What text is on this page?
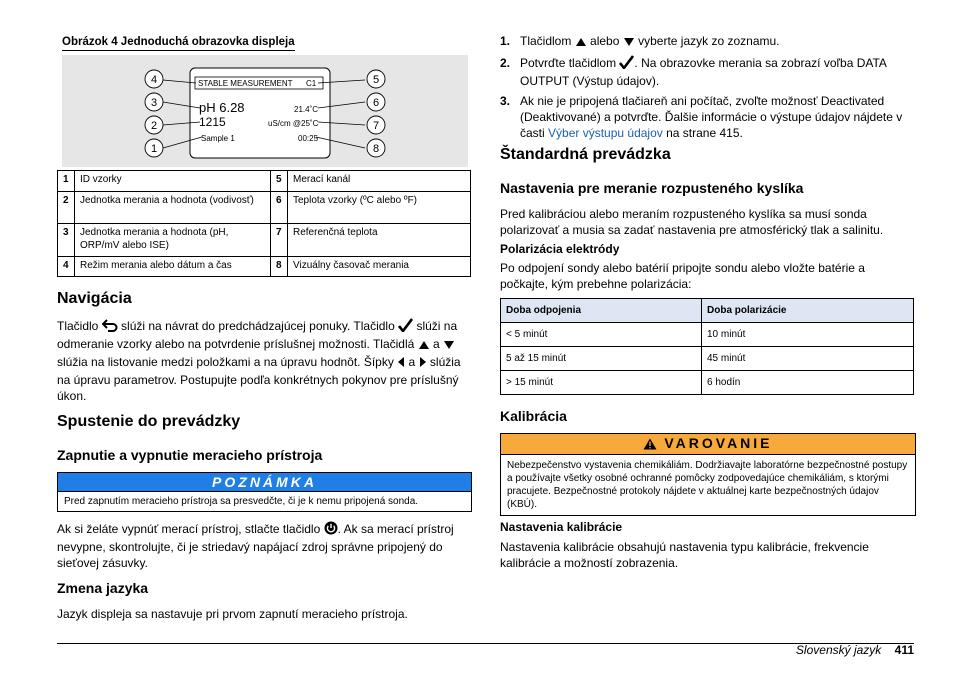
Obrázok 4 Jednoduchá obrazovka displeja
STABLE MEASUREMENT C1
pH 6.28	21.4˚C
1215	uS/cm @25˚C
Sample 1	00:25
4
3
2
1
5
6
7
8
1	ID vzorky	5	Merací kanál
2	Jednotka merania a hodnota (vodivosť)	6	Teplota vzorky (ºC alebo ºF)
3	Jednotka merania a hodnota (pH, ORP/mV alebo ISE)	7	Referenčná teplota
4	Režim merania alebo dátum a čas	8	Vizuálny časovač merania
Navigácia

Tlačidlo slúži na návrat do predchádzajúcej ponuky. Tlačidlo slúži na odmeranie vzorky alebo na potvrdenie príslušnej možnosti. Tlačidlá a  slúžia na listovanie medzi položkami a na úpravu hodnôt. Šípky a slúžia na úpravu parametrov. Postupujte podľa konkrétnych pokynov pre príslušný úkon.

Spustenie do prevádzky
Zapnutie a vypnutie meracieho prístroja
POZNÁMKA
Pred zapnutím meracieho prístroja sa presvedčte, či je k nemu pripojená sonda.

Ak si želáte vypnúť merací prístroj, stlačte tlačidlo . Ak sa merací prístroj nevypne, skontrolujte, či je striedavý napájací zdroj správne pripojený do sieťovej zásuvky.

Zmena jazyka

Jazyk displeja sa nastavuje pri prvom zapnutí meracieho prístroja.

1. Tlačidlom alebo vyberte jazyk zo zoznamu.
2. Potvrďte tlačidlom . Na obrazovke merania sa zobrazí voľba DATA OUTPUT (Výstup údajov).
3. Ak nie je pripojená tlačiareň ani počítač, zvoľte možnosť Deactivated (Deaktivované) a potvrďte. Ďalšie informácie o výstupe údajov nájdete v časti Výber výstupu údajov na strane 415.
Štandardná prevádzka
Nastavenia pre meranie rozpusteného kyslíka

Pred kalibráciou alebo meraním rozpusteného kyslíka sa musí sonda polarizovať a musia sa zadať nastavenia pre atmosférický tlak a salinitu.

Polarizácia elektródy

Po odpojení sondy alebo batérií pripojte sondu alebo vložte batérie a počkajte, kým prebehne polarizácia:

Doba odpojenia	Doba polarizácie
< 5 minút	10 minút
5 až 15 minút	45 minút
> 15 minút	6 hodín
Kalibrácia
VAROVANIE
Nebezpečenstvo vystavenia chemikáliám. Dodržiavajte laboratórne bezpečnostné postupy a používajte všetky osobné ochranné pomôcky zodpovedajúce chemikáliám, s ktorými pracujete. Bezpečnostné protokoly nájdete v aktuálnej karte bezpečnostných údajov (KBÚ).
Nastavenia kalibrácie

Nastavenia kalibrácie obsahujú nastavenia typu kalibrácie, frekvencie kalibrácie a možností zobrazenia.

Slovenský jazyk 411
